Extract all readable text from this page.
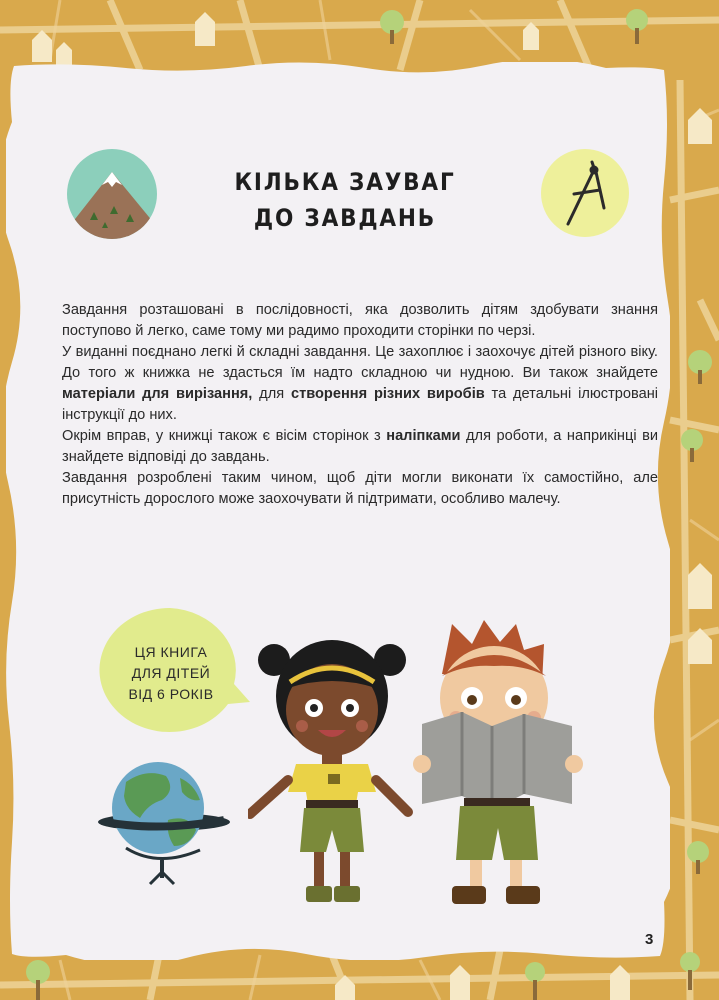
КІЛЬКА ЗАУВАГ
ДО ЗАВДАНЬ

Завдання розташовані в послідовності, яка дозволить дітям здобувати знання поступово й легко, саме тому ми радимо проходити сторінки по черзі.

У виданні поєднано легкі й складні завдання. Це захоплює і заохочує дітей різного віку. До того ж книжка не здасться їм надто складною чи нудною. Ви також знайдете матеріали для вирізання, для створення різних виробів та детальні ілюстровані інструкції до них.

Окрім вправ, у книжці також є вісім сторінок з наліпками для роботи, а наприкінці ви знайдете відповіді до завдань.

Завдання розроблені таким чином, щоб діти могли виконати їх самостійно, але присутність дорослого може заохочувати й підтримати, особливо малечу.

ЦЯ КНИГА
ДЛЯ ДІТЕЙ
ВІД 6 РОКІВ
3
